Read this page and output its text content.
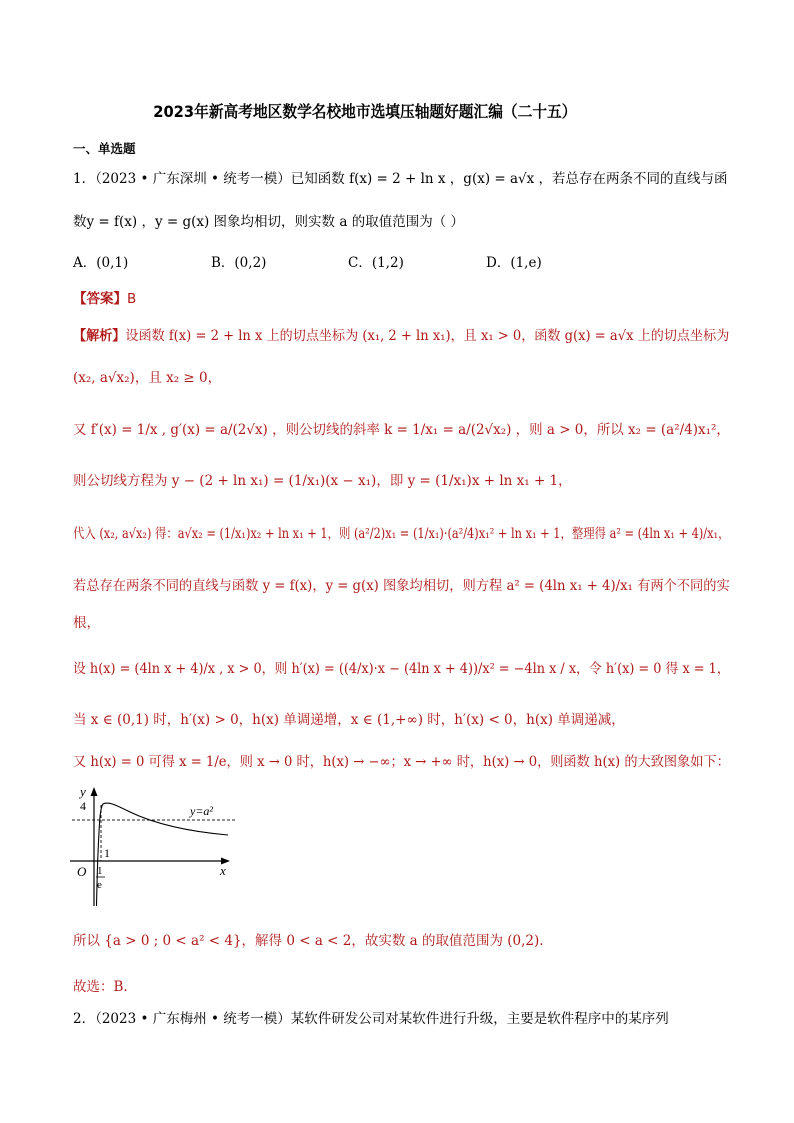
2023年新高考地区数学名校地市选填压轴题好题汇编（二十五）
一、单选题
1．（2023 • 广东深圳 • 统考一模）已知函数 f(x) = 2 + ln x ，g(x) = a√x ，若总存在两条不同的直线与函
数y = f(x) ，y = g(x) 图象均相切，则实数 a 的取值范围为（ ）
A．(0,1)	B．(0,2)	C．(1,2)	D．(1,e)
【答案】B
【解析】设函数 f(x) = 2 + ln x 上的切点坐标为 (x₁, 2 + ln x₁)，且 x₁ > 0，函数 g(x) = a√x 上的切点坐标为
(x₂, a√x₂)，且 x₂ ≥ 0，
又 f′(x) = 1/x , g′(x) = a/(2√x) ，则公切线的斜率 k = 1/x₁ = a/(2√x₂) ，则 a > 0，所以 x₂ = (a²/4)x₁²，
则公切线方程为 y − (2 + ln x₁) = (1/x₁)(x − x₁)，即 y = (1/x₁)x + ln x₁ + 1，
代入 (x₂, a√x₂) 得：a√x₂ = (1/x₁)x₂ + ln x₁ + 1，则 (a²/2)x₁ = (1/x₁)·(a²/4)x₁² + ln x₁ + 1，整理得 a² = (4ln x₁ + 4)/x₁，
若总存在两条不同的直线与函数 y = f(x)，y = g(x) 图象均相切，则方程 a² = (4ln x₁ + 4)/x₁ 有两个不同的实
根，
设 h(x) = (4ln x + 4)/x , x > 0，则 h′(x) = ((4/x)·x − (4ln x + 4))/x² = −4ln x / x，令 h′(x) = 0 得 x = 1，
当 x ∈ (0,1) 时，h′(x) > 0，h(x) 单调递增，x ∈ (1,+∞) 时，h′(x) < 0，h(x) 单调递减，
又 h(x) = 0 可得 x = 1/e，则 x → 0 时，h(x) → −∞；x → +∞ 时，h(x) → 0，则函数 h(x) 的大致图象如下：
y
x
O
4
1
1
e
y=a²
所以 {a > 0 ; 0 < a² < 4}，解得 0 < a < 2，故实数 a 的取值范围为 (0,2).
故选：B.
2．（2023 • 广东梅州 • 统考一模）某软件研发公司对某软件进行升级，主要是软件程序中的某序列
